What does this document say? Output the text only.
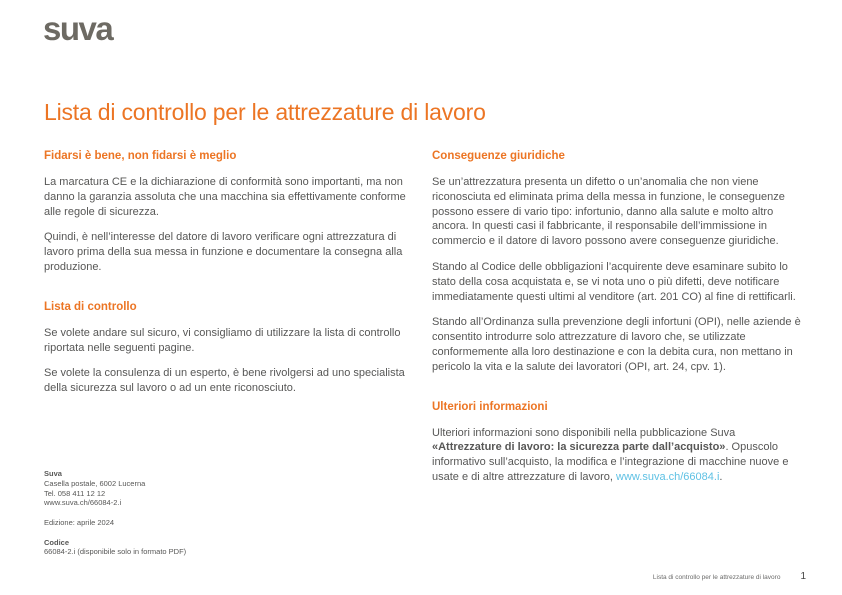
suva
Lista di controllo per le attrezzature di lavoro
Fidarsi è bene, non fidarsi è meglio

La marcatura CE e la dichiarazione di conformità sono importanti, ma non danno la garanzia assoluta che una macchina sia effettivamente conforme alle regole di sicurezza.

Quindi, è nell’interesse del datore di lavoro verificare ogni attrezzatura di lavoro prima della sua messa in funzione e documentare la consegna alla produzione.

Lista di controllo

Se volete andare sul sicuro, vi consigliamo di utilizzare la lista di controllo riportata nelle seguenti pagine.

Se volete la consulenza di un esperto, è bene rivolgersi ad uno specialista della sicurezza sul lavoro o ad un ente riconosciuto.

Conseguenze giuridiche

Se un’attrezzatura presenta un difetto o un’anomalia che non viene riconosciuta ed eliminata prima della messa in funzione, le conseguenze possono essere di vario tipo: infortunio, danno alla salute e molto altro ancora. In questi casi il fabbricante, il responsabile dell’immissione in commercio e il datore di lavoro possono avere conseguenze giuridiche.

Stando al Codice delle obbligazioni l’acquirente deve esaminare subito lo stato della cosa acquistata e, se vi nota uno o più difetti, deve notificare immediatamente questi ultimi al venditore (art. 201 CO) al fine di rettificarli.

Stando all’Ordinanza sulla prevenzione degli infortuni (OPI), nelle aziende è consentito introdurre solo attrezzature di lavoro che, se utilizzate conformemente alla loro destinazione e con la debita cura, non mettano in pericolo la vita e la salute dei lavoratori (OPI, art. 24, cpv. 1).

Ulteriori informazioni

Ulteriori informazioni sono disponibili nella pubblicazione Suva «Attrezzature di lavoro: la sicurezza parte dall’acquisto». Opuscolo informativo sull’acquisto, la modifica e l’integrazione di macchine nuove e usate e di altre attrezzature di lavoro, www.suva.ch/66084.i.

Suva
Casella postale, 6002 Lucerna
Tel. 058 411 12 12
www.suva.ch/66084-2.i
Edizione: aprile 2024
Codice
66084-2.i (disponibile solo in formato PDF)
Lista di controllo per le attrezzature di lavoro 1
